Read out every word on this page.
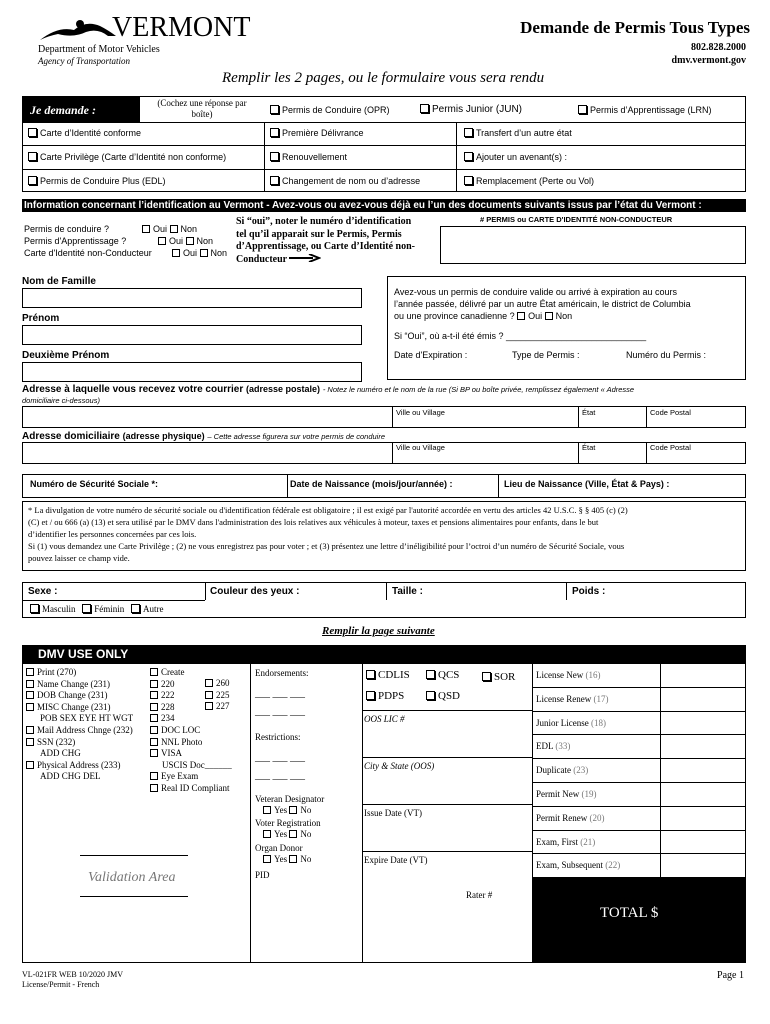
VERMONT
Department of Motor Vehicles
Agency of Transportation
Demande de Permis Tous Types
802.828.2000
dmv.vermont.gov
Remplir les 2 pages, ou le formulaire vous sera rendu
Je demande :	(Cochez une réponse par boîte)	Permis de Conduire (OPR)	Permis Junior (JUN)	Permis d’Apprentissage (LRN)
Carte d’Identité conforme	Première Délivrance	Transfert d’un autre état
Carte Privilège (Carte d’Identité non conforme)	Renouvellement	Ajouter un avenant(s) :
Permis de Conduire Plus (EDL)	Changement de nom ou d’adresse	Remplacement (Perte ou Vol)
Information concernant l’identification au Vermont - Avez-vous ou avez-vous déjà eu l’un des documents suivants issus par l’état du Vermont :
Permis de conduire ?
Permis d'Apprentissage ?
Carte d'Identité non-Conducteur
Oui Non
Oui Non
Oui Non
Si “oui”, noter le numéro d’identification
tel qu’il apparait sur le Permis, Permis
d’Apprentissage, ou Carte d’Identité non-
Conducteur
# PERMIS ou CARTE D'IDENTITÉ NON-CONDUCTEUR
Nom de Famille
Prénom
Deuxième Prénom
Avez-vous un permis de conduire valide ou arrivé à expiration au cours
l’année passée, délivré par un autre État américain, le district de Columbia
ou une province canadienne ? Oui Non
Si “Oui”, où a-t-il été émis ? ____________________________
Date d'Expiration :	Type de Permis :	Numéro du Permis :
Adresse à laquelle vous recevez votre courrier (adresse postale) - Notez le numéro et le nom de la rue (Si BP ou boîte privée, remplissez également « Adresse
domiciliaire ci-dessous)
Ville ou Village	État	Code Postal
Adresse domiciliaire (adresse physique) – Cette adresse figurera sur votre permis de conduire
Ville ou Village	État	Code Postal
Numéro de Sécurité Sociale *:	Date de Naissance (mois/jour/année) :	Lieu de Naissance (Ville, État & Pays) :
* La divulgation de votre numéro de sécurité sociale ou d'identification fédérale est obligatoire ; il est exigé par l'autorité accordée en vertu des articles 42 U.S.C. § § 405 (c) (2)
(C) et / ou 666 (a) (13) et sera utilisé par le DMV dans l'administration des lois relatives aux véhicules à moteur, taxes et pensions alimentaires pour enfants, dans le but
d’identifier les personnes concernées par ces lois.
Si (1) vous demandez une Carte Privilège ; (2) ne vous enregistrez pas pour voter ; et (3) présentez une lettre d’inéligibilité pour l’octroi d’un numéro de Sécurité Sociale, vous
pouvez laisser ce champ vide.
Sexe :	Couleur des yeux :	Taille :	Poids :
Masculin Féminin Autre
Remplir la page suivante
DMV USE ONLY
Print (270)
Name Change (231)
DOB Change (231)
MISC Change (231)
POB SEX EYE HT WGT
Mail Address Chnge (232)
SSN (232)
ADD CHG
Physical Address (233)
ADD CHG DEL
Create
220
222
228
234
DOC LOC
NNL Photo
VISA
USCIS Doc______
Eye Exam
Real ID Compliant
260
225
227
Validation Area
Endorsements:
___ ___ ___
___ ___ ___
Restrictions:
___ ___ ___
___ ___ ___
Veteran Designator
Yes No
Voter Registration
Yes No
Organ Donor
Yes No
PID
CDLIS	QCS	SOR
PDPS	QSD
OOS LIC #
City & State (OOS)
Issue Date (VT)
Expire Date (VT)
Rater #
License New (16)
License Renew (17)
Junior License (18)
EDL (33)
Duplicate (23)
Permit New (19)
Permit Renew (20)
Exam, First (21)
Exam, Subsequent (22)
TOTAL $
VL-021FR WEB 10/2020 JMV
License/Permit - French
Page 1
